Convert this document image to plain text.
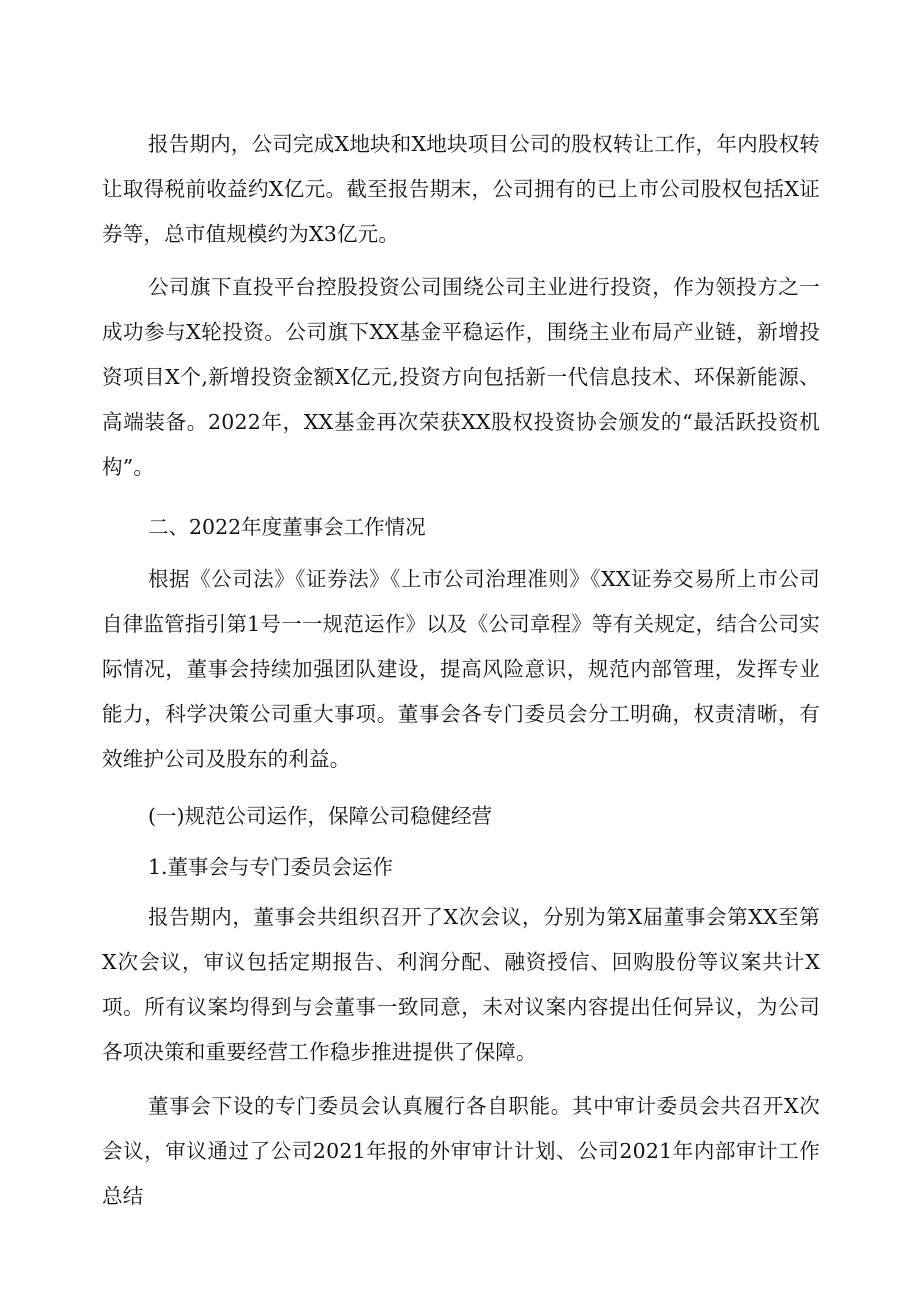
报告期内，公司完成X地块和X地块项目公司的股权转让工作，年内股权转让取得税前收益约X亿元。截至报告期末，公司拥有的已上市公司股权包括X证券等，总市值规模约为X3亿元。

公司旗下直投平台控股投资公司围绕公司主业进行投资，作为领投方之一成功参与X轮投资。公司旗下XX基金平稳运作，围绕主业布局产业链，新增投资项目X个,新增投资金额X亿元,投资方向包括新一代信息技术、环保新能源、高端装备。2022年，XX基金再次荣获XX股权投资协会颁发的“最活跃投资机构”。

二、2022年度董事会工作情况

根据《公司法》《证券法》《上市公司治理准则》《XX证券交易所上市公司自律监管指引第1号一一规范运作》以及《公司章程》等有关规定，结合公司实际情况，董事会持续加强团队建设，提高风险意识，规范内部管理，发挥专业能力，科学决策公司重大事项。董事会各专门委员会分工明确，权责清晰，有效维护公司及股东的利益。

(一)规范公司运作，保障公司稳健经营

1.董事会与专门委员会运作

报告期内，董事会共组织召开了X次会议，分别为第X届董事会第XX至第X次会议，审议包括定期报告、利润分配、融资授信、回购股份等议案共计X项。所有议案均得到与会董事一致同意，未对议案内容提出任何异议，为公司各项决策和重要经营工作稳步推进提供了保障。

董事会下设的专门委员会认真履行各自职能。其中审计委员会共召开X次会议，审议通过了公司2021年报的外审审计计划、公司2021年内部审计工作总结
